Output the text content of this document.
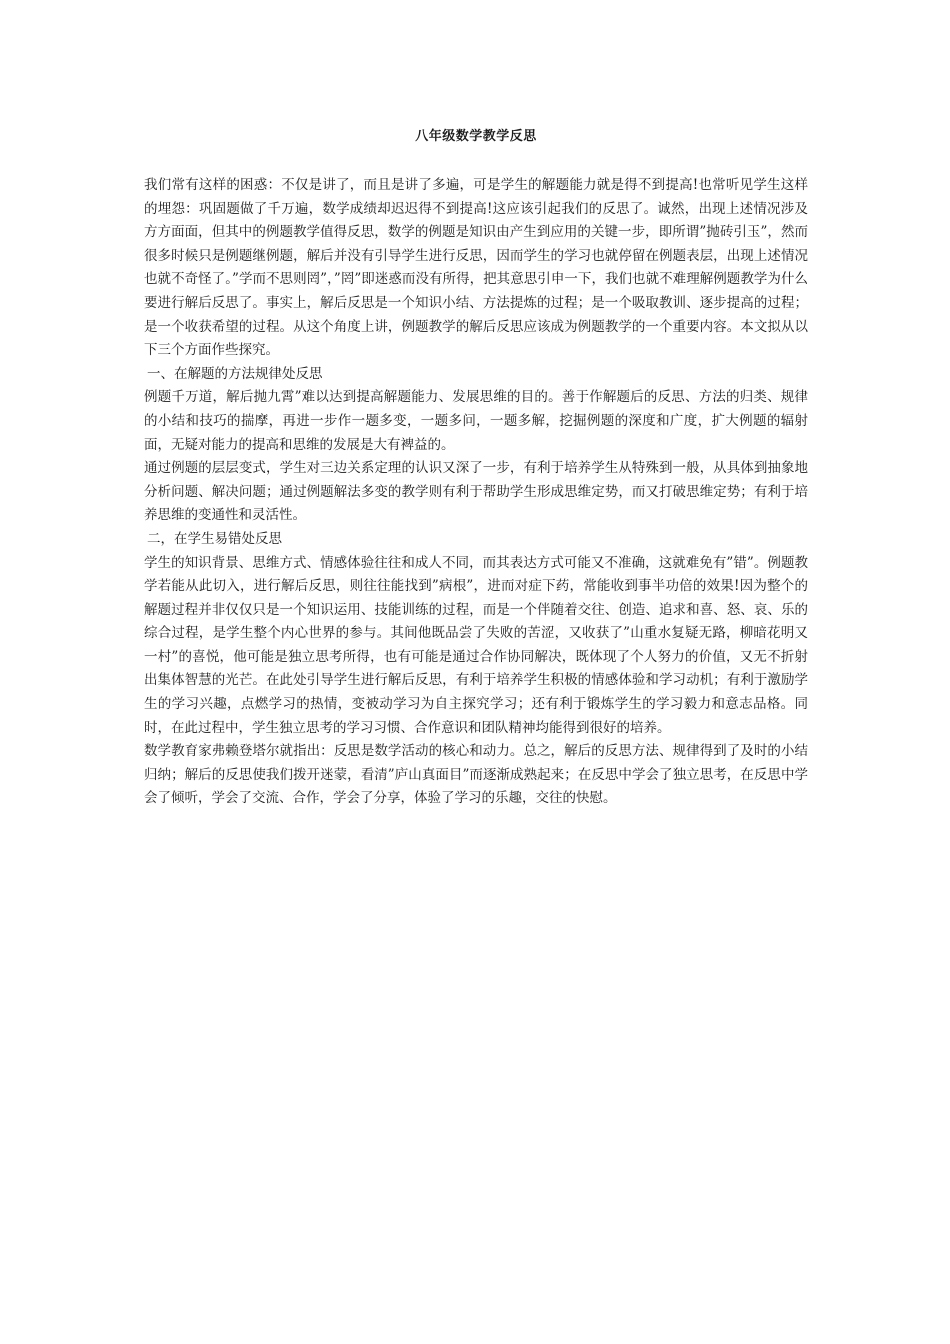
八年级数学教学反思

我们常有这样的困惑：不仅是讲了，而且是讲了多遍，可是学生的解题能力就是得不到提高!也常听见学生这样的埋怨：巩固题做了千万遍，数学成绩却迟迟得不到提高!这应该引起我们的反思了。诚然，出现上述情况涉及方方面面，但其中的例题教学值得反思，数学的例题是知识由产生到应用的关键一步，即所谓”抛砖引玉”，然而很多时候只是例题继例题，解后并没有引导学生进行反思，因而学生的学习也就停留在例题表层，出现上述情况也就不奇怪了。”学而不思则罔”，”罔”即迷惑而没有所得，把其意思引申一下，我们也就不难理解例题教学为什么要进行解后反思了。事实上，解后反思是一个知识小结、方法提炼的过程；是一个吸取教训、逐步提高的过程；是一个收获希望的过程。从这个角度上讲，例题教学的解后反思应该成为例题教学的一个重要内容。本文拟从以下三个方面作些探究。

一、在解题的方法规律处反思

例题千万道，解后抛九霄”难以达到提高解题能力、发展思维的目的。善于作解题后的反思、方法的归类、规律的小结和技巧的揣摩，再进一步作一题多变，一题多问，一题多解，挖掘例题的深度和广度，扩大例题的辐射面，无疑对能力的提高和思维的发展是大有裨益的。

通过例题的层层变式，学生对三边关系定理的认识又深了一步，有利于培养学生从特殊到一般，从具体到抽象地分析问题、解决问题；通过例题解法多变的教学则有利于帮助学生形成思维定势，而又打破思维定势；有利于培养思维的变通性和灵活性。

二，在学生易错处反思

学生的知识背景、思维方式、情感体验往往和成人不同，而其表达方式可能又不准确，这就难免有”错”。例题教学若能从此切入，进行解后反思，则往往能找到”病根”，进而对症下药，常能收到事半功倍的效果!因为整个的解题过程并非仅仅只是一个知识运用、技能训练的过程，而是一个伴随着交往、创造、追求和喜、怒、哀、乐的综合过程，是学生整个内心世界的参与。其间他既品尝了失败的苦涩，又收获了”山重水复疑无路，柳暗花明又一村”的喜悦，他可能是独立思考所得，也有可能是通过合作协同解决，既体现了个人努力的价值，又无不折射出集体智慧的光芒。在此处引导学生进行解后反思，有利于培养学生积极的情感体验和学习动机；有利于激励学生的学习兴趣，点燃学习的热情，变被动学习为自主探究学习；还有利于锻炼学生的学习毅力和意志品格。同时，在此过程中，学生独立思考的学习习惯、合作意识和团队精神均能得到很好的培养。

数学教育家弗赖登塔尔就指出：反思是数学活动的核心和动力。总之，解后的反思方法、规律得到了及时的小结归纳；解后的反思使我们拨开迷蒙，看清”庐山真面目”而逐渐成熟起来；在反思中学会了独立思考，在反思中学会了倾听，学会了交流、合作，学会了分享，体验了学习的乐趣，交往的快慰。
